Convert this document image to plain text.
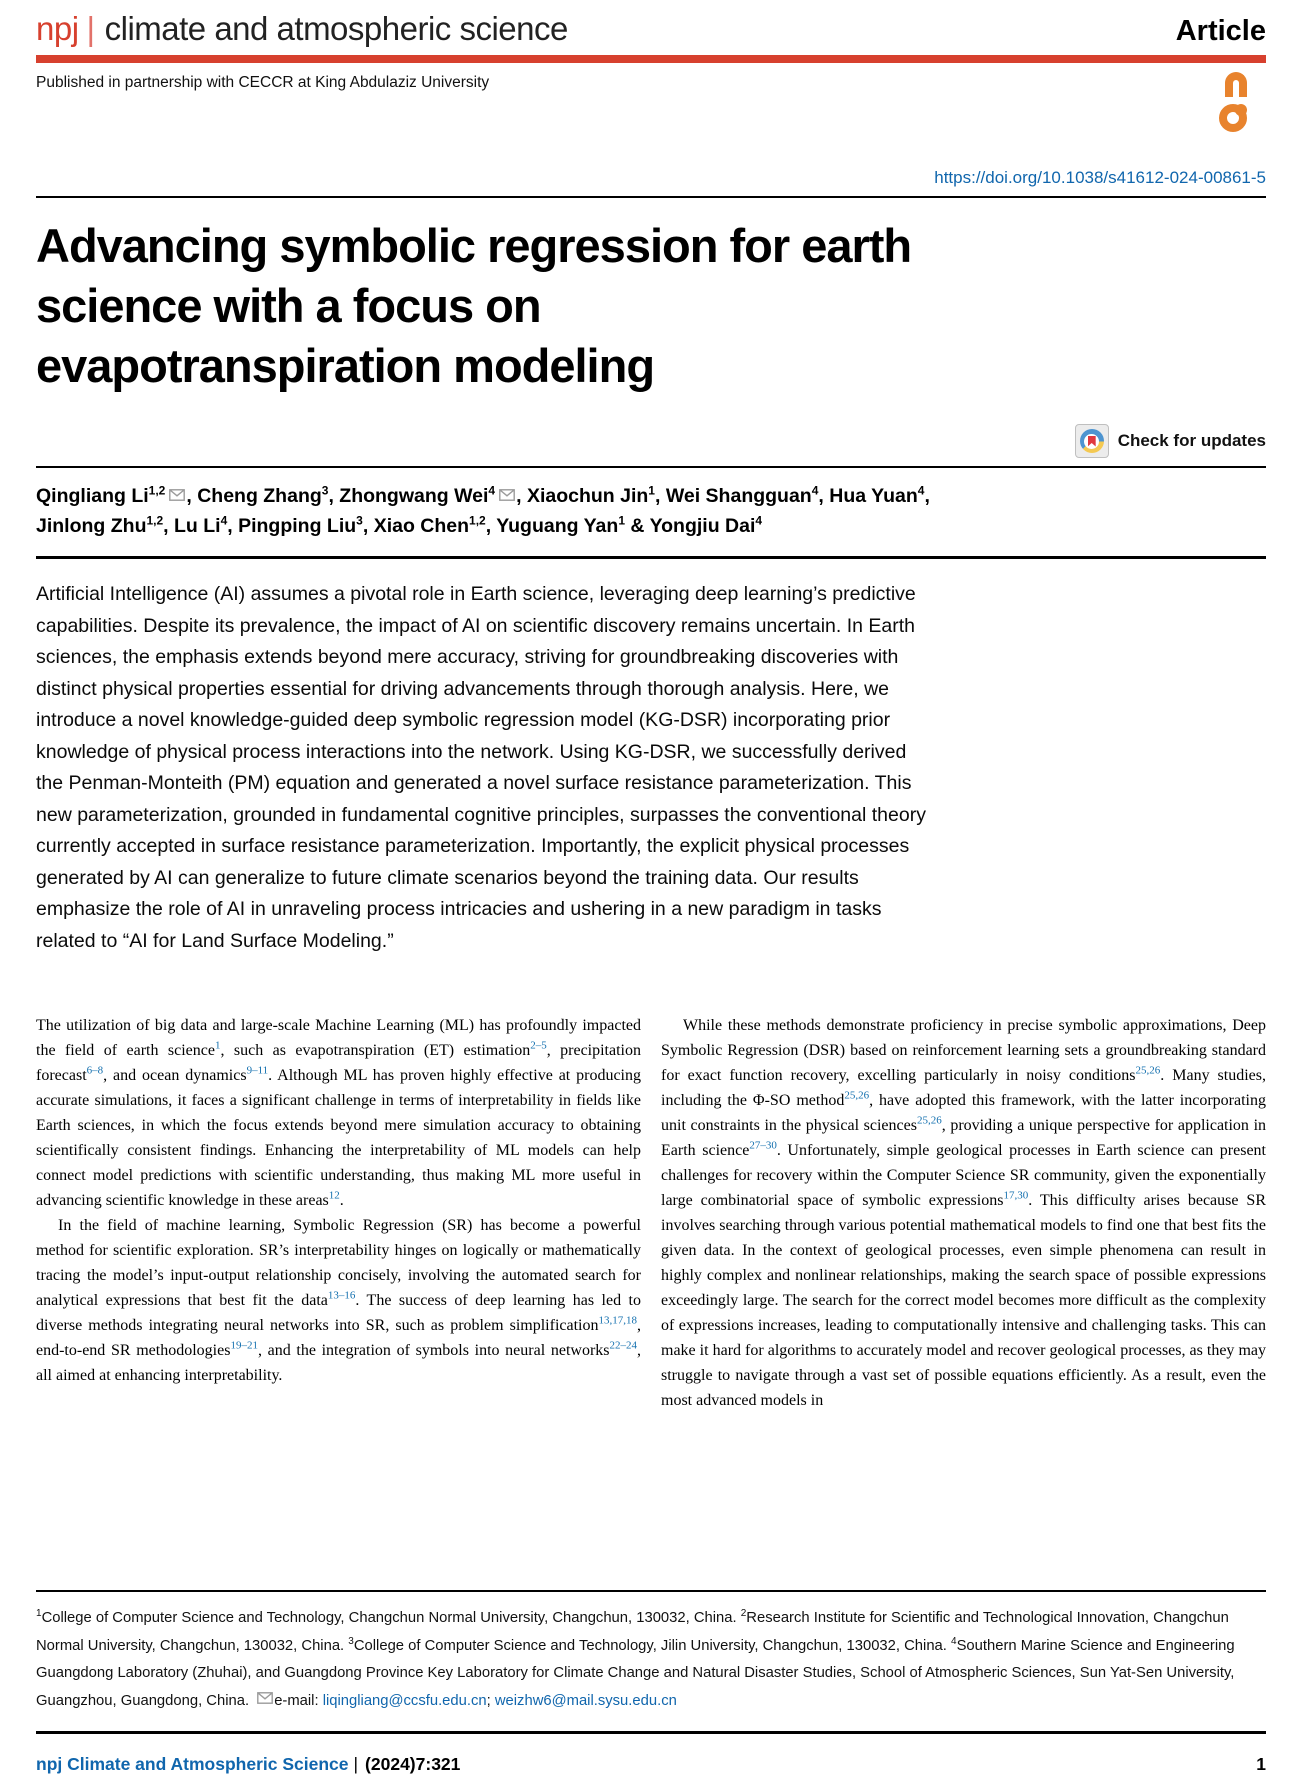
npj | climate and atmospheric science	Article
Published in partnership with CECCR at King Abdulaziz University
https://doi.org/10.1038/s41612-024-00861-5
Advancing symbolic regression for earth
science with a focus on
evapotranspiration modeling
Check for updates

Qingliang Li$^{1,2}$ , Cheng Zhang$^3$, Zhongwang Wei$^4$ , Xiaochun Jin$^1$, Wei Shangguan$^4$, Hua Yuan$^4$,
Jinlong Zhu$^{1,2}$, Lu Li$^4$, Pingping Liu$^3$, Xiao Chen$^{1,2}$, Yuguang Yan$^1$ & Yongjiu Dai$^4$

Artificial Intelligence (AI) assumes a pivotal role in Earth science, leveraging deep learning’s predictive capabilities. Despite its prevalence, the impact of AI on scientific discovery remains uncertain. In Earth sciences, the emphasis extends beyond mere accuracy, striving for groundbreaking discoveries with distinct physical properties essential for driving advancements through thorough analysis. Here, we introduce a novel knowledge-guided deep symbolic regression model (KG-DSR) incorporating prior knowledge of physical process interactions into the network. Using KG-DSR, we successfully derived the Penman-Monteith (PM) equation and generated a novel surface resistance parameterization. This new parameterization, grounded in fundamental cognitive principles, surpasses the conventional theory currently accepted in surface resistance parameterization. Importantly, the explicit physical processes generated by AI can generalize to future climate scenarios beyond the training data. Our results emphasize the role of AI in unraveling process intricacies and ushering in a new paradigm in tasks related to “AI for Land Surface Modeling.”

The utilization of big data and large-scale Machine Learning (ML) has profoundly impacted the field of earth science$^1$, such as evapotranspiration (ET) estimation$^{2-5}$, precipitation forecast$^{6-8}$, and ocean dynamics$^{9-11}$. Although ML has proven highly effective at producing accurate simulations, it faces a significant challenge in terms of interpretability in fields like Earth sciences, in which the focus extends beyond mere simulation accuracy to obtaining scientifically consistent findings. Enhancing the interpretability of ML models can help connect model predictions with scientific understanding, thus making ML more useful in advancing scientific knowledge in these areas$^{12}$.

In the field of machine learning, Symbolic Regression (SR) has become a powerful method for scientific exploration. SR’s interpretability hinges on logically or mathematically tracing the model’s input-output relationship concisely, involving the automated search for analytical expressions that best fit the data$^{13-16}$. The success of deep learning has led to diverse methods integrating neural networks into SR, such as problem simplification$^{13,17,18}$, end-to-end SR methodologies$^{19-21}$, and the integration of symbols into neural networks$^{22-24}$, all aimed at enhancing interpretability.

While these methods demonstrate proficiency in precise symbolic approximations, Deep Symbolic Regression (DSR) based on reinforcement learning sets a groundbreaking standard for exact function recovery, excelling particularly in noisy conditions$^{25,26}$. Many studies, including the Φ-SO method$^{25,26}$, have adopted this framework, with the latter incorporating unit constraints in the physical sciences$^{25,26}$, providing a unique perspective for application in Earth science$^{27-30}$. Unfortunately, simple geological processes in Earth science can present challenges for recovery within the Computer Science SR community, given the exponentially large combinatorial space of symbolic expressions$^{17,30}$. This difficulty arises because SR involves searching through various potential mathematical models to find one that best fits the given data. In the context of geological processes, even simple phenomena can result in highly complex and nonlinear relationships, making the search space of possible expressions exceedingly large. The search for the correct model becomes more difficult as the complexity of expressions increases, leading to computationally intensive and challenging tasks. This can make it hard for algorithms to accurately model and recover geological processes, as they may struggle to navigate through a vast set of possible equations efficiently. As a result, even the most advanced models in

$^1$College of Computer Science and Technology, Changchun Normal University, Changchun, 130032, China. $^2$Research Institute for Scientific and Technological Innovation, Changchun Normal University, Changchun, 130032, China. $^3$College of Computer Science and Technology, Jilin University, Changchun, 130032, China. $^4$Southern Marine Science and Engineering Guangdong Laboratory (Zhuhai), and Guangdong Province Key Laboratory for Climate Change and Natural Disaster Studies, School of Atmospheric Sciences, Sun Yat-Sen University, Guangzhou, Guangdong, China. e-mail: liqingliang@ccsfu.edu.cn; weizhw6@mail.sysu.edu.cn

npj Climate and Atmospheric Science | (2024)7:321	1
